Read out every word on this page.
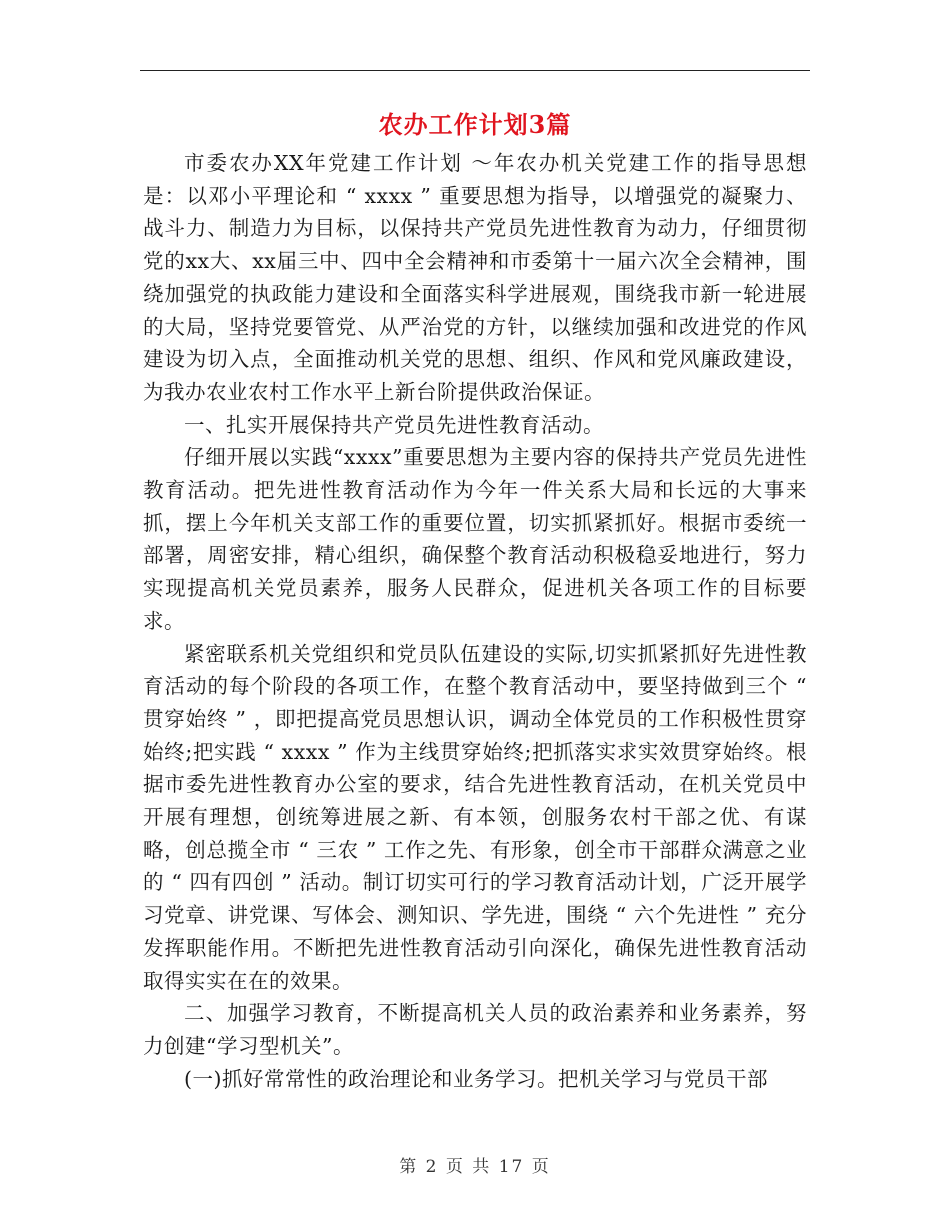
农办工作计划3篇

市委农办XX年党建工作计划 ～年农办机关党建工作的指导思想是：以邓小平理论和 “ xxxx ” 重要思想为指导，以增强党的凝聚力、战斗力、制造力为目标，以保持共产党员先进性教育为动力，仔细贯彻党的xx大、xx届三中、四中全会精神和市委第十一届六次全会精神，围绕加强党的执政能力建设和全面落实科学进展观，围绕我市新一轮进展的大局，坚持党要管党、从严治党的方针，以继续加强和改进党的作风建设为切入点，全面推动机关党的思想、组织、作风和党风廉政建设，为我办农业农村工作水平上新台阶提供政治保证。

一、扎实开展保持共产党员先进性教育活动。

仔细开展以实践“xxxx”重要思想为主要内容的保持共产党员先进性教育活动。把先进性教育活动作为今年一件关系大局和长远的大事来抓，摆上今年机关支部工作的重要位置，切实抓紧抓好。根据市委统一部署，周密安排，精心组织，确保整个教育活动积极稳妥地进行，努力实现提高机关党员素养，服务人民群众，促进机关各项工作的目标要求。

紧密联系机关党组织和党员队伍建设的实际,切实抓紧抓好先进性教育活动的每个阶段的各项工作，在整个教育活动中，要坚持做到三个 “ 贯穿始终 ” ，即把提高党员思想认识，调动全体党员的工作积极性贯穿始终;把实践 “ xxxx ” 作为主线贯穿始终;把抓落实求实效贯穿始终。根据市委先进性教育办公室的要求，结合先进性教育活动，在机关党员中开展有理想，创统筹进展之新、有本领，创服务农村干部之优、有谋略，创总揽全市 “ 三农 ” 工作之先、有形象，创全市干部群众满意之业的 “ 四有四创 ” 活动。制订切实可行的学习教育活动计划，广泛开展学习党章、讲党课、写体会、测知识、学先进，围绕 “ 六个先进性 ” 充分发挥职能作用。不断把先进性教育活动引向深化，确保先进性教育活动取得实实在在的效果。

二、加强学习教育，不断提高机关人员的政治素养和业务素养，努力创建“学习型机关”。

(一)抓好常常性的政治理论和业务学习。把机关学习与党员干部

第 2 页 共 17 页
